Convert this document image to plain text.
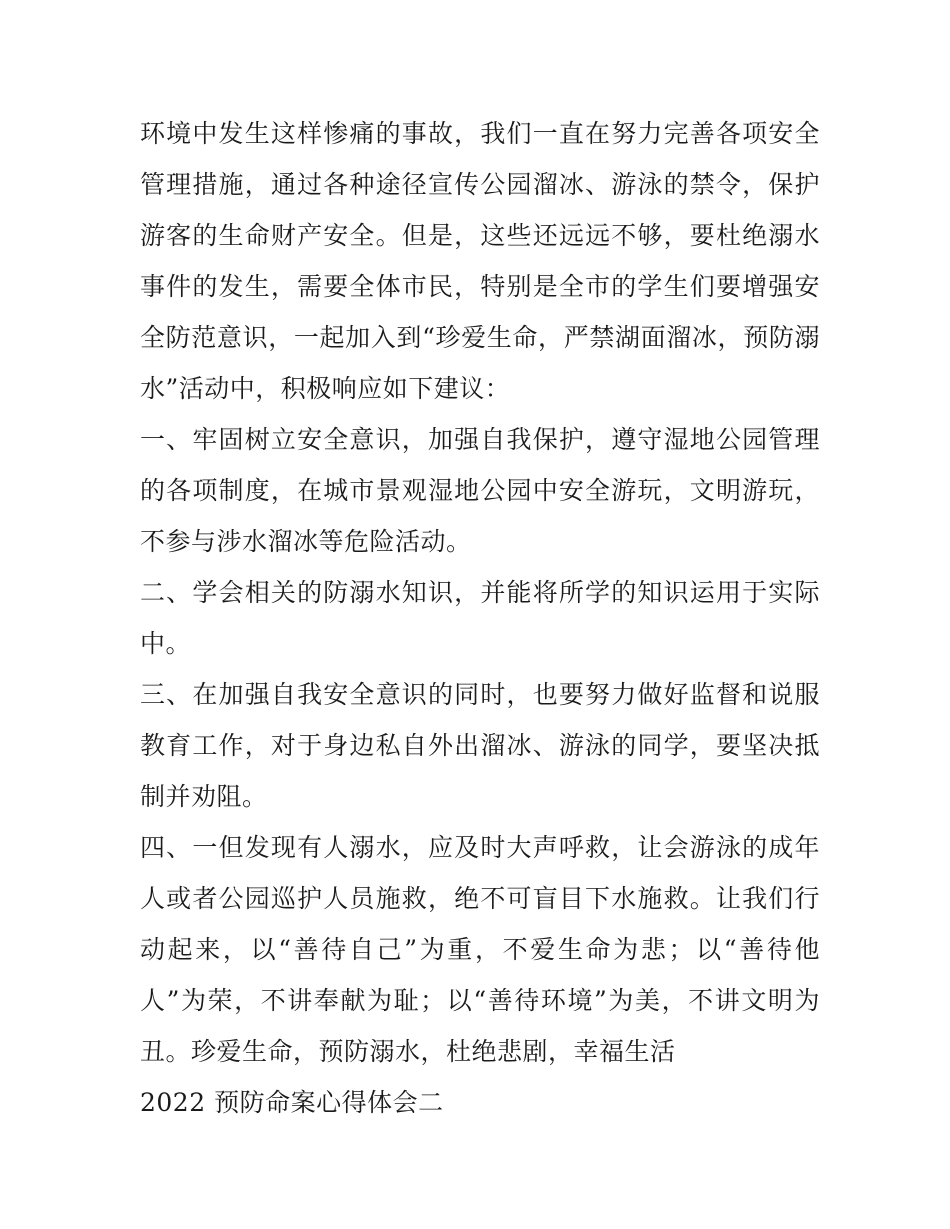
环境中发生这样惨痛的事故，我们一直在努力完善各项安全管理措施，通过各种途径宣传公园溜冰、游泳的禁令，保护游客的生命财产安全。但是，这些还远远不够，要杜绝溺水事件的发生，需要全体市民，特别是全市的学生们要增强安全防范意识，一起加入到“珍爱生命，严禁湖面溜冰，预防溺水”活动中，积极响应如下建议：

一、牢固树立安全意识，加强自我保护，遵守湿地公园管理的各项制度，在城市景观湿地公园中安全游玩，文明游玩，不参与涉水溜冰等危险活动。

二、学会相关的防溺水知识，并能将所学的知识运用于实际中。

三、在加强自我安全意识的同时，也要努力做好监督和说服教育工作，对于身边私自外出溜冰、游泳的同学，要坚决抵制并劝阻。

四、一但发现有人溺水，应及时大声呼救，让会游泳的成年人或者公园巡护人员施救，绝不可盲目下水施救。让我们行动起来，以“善待自己”为重，不爱生命为悲；以“善待他人”为荣，不讲奉献为耻；以“善待环境”为美，不讲文明为丑。珍爱生命，预防溺水，杜绝悲剧，幸福生活

2022 预防命案心得体会二
